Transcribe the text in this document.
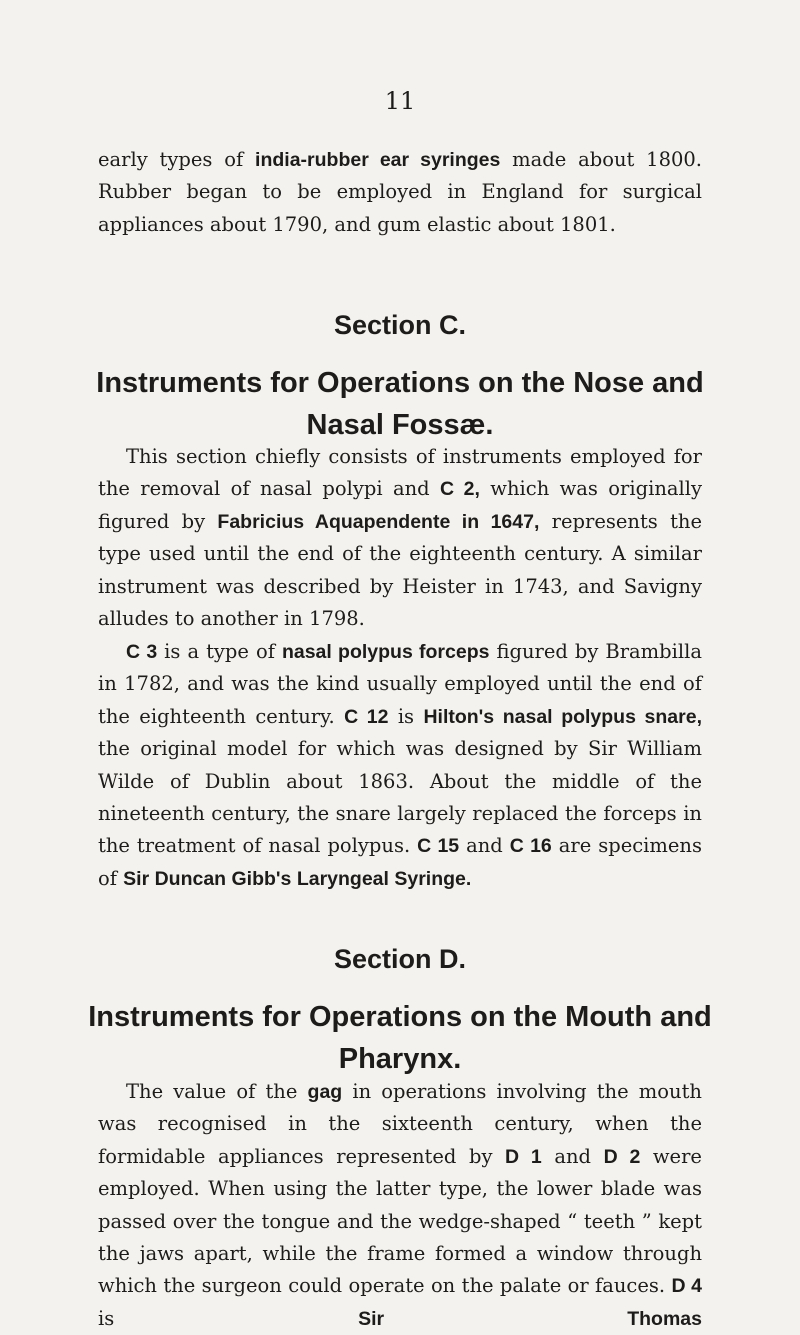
11

early types of india-rubber ear syringes made about 1800. Rubber began to be employed in England for surgical appliances about 1790, and gum elastic about 1801.

Section C.
Instruments for Operations on the Nose and Nasal Fossæ.

This section chiefly consists of instruments employed for the removal of nasal polypi and C 2, which was originally figured by Fabricius Aquapendente in 1647, represents the type used until the end of the eighteenth century. A similar instrument was described by Heister in 1743, and Savigny alludes to another in 1798.

C 3 is a type of nasal polypus forceps figured by Brambilla in 1782, and was the kind usually employed until the end of the eighteenth century. C 12 is Hilton's nasal polypus snare, the original model for which was designed by Sir William Wilde of Dublin about 1863. About the middle of the nineteenth century, the snare largely replaced the forceps in the treatment of nasal polypus. C 15 and C 16 are specimens of Sir Duncan Gibb's Laryngeal Syringe.

Section D.
Instruments for Operations on the Mouth and Pharynx.

The value of the gag in operations involving the mouth was recognised in the sixteenth century, when the formidable appliances represented by D 1 and D 2 were employed. When using the latter type, the lower blade was passed over the tongue and the wedge-shaped “ teeth ” kept the jaws apart, while the frame formed a window through which the surgeon could operate on the palate or fauces. D 4 is Sir Thomas
